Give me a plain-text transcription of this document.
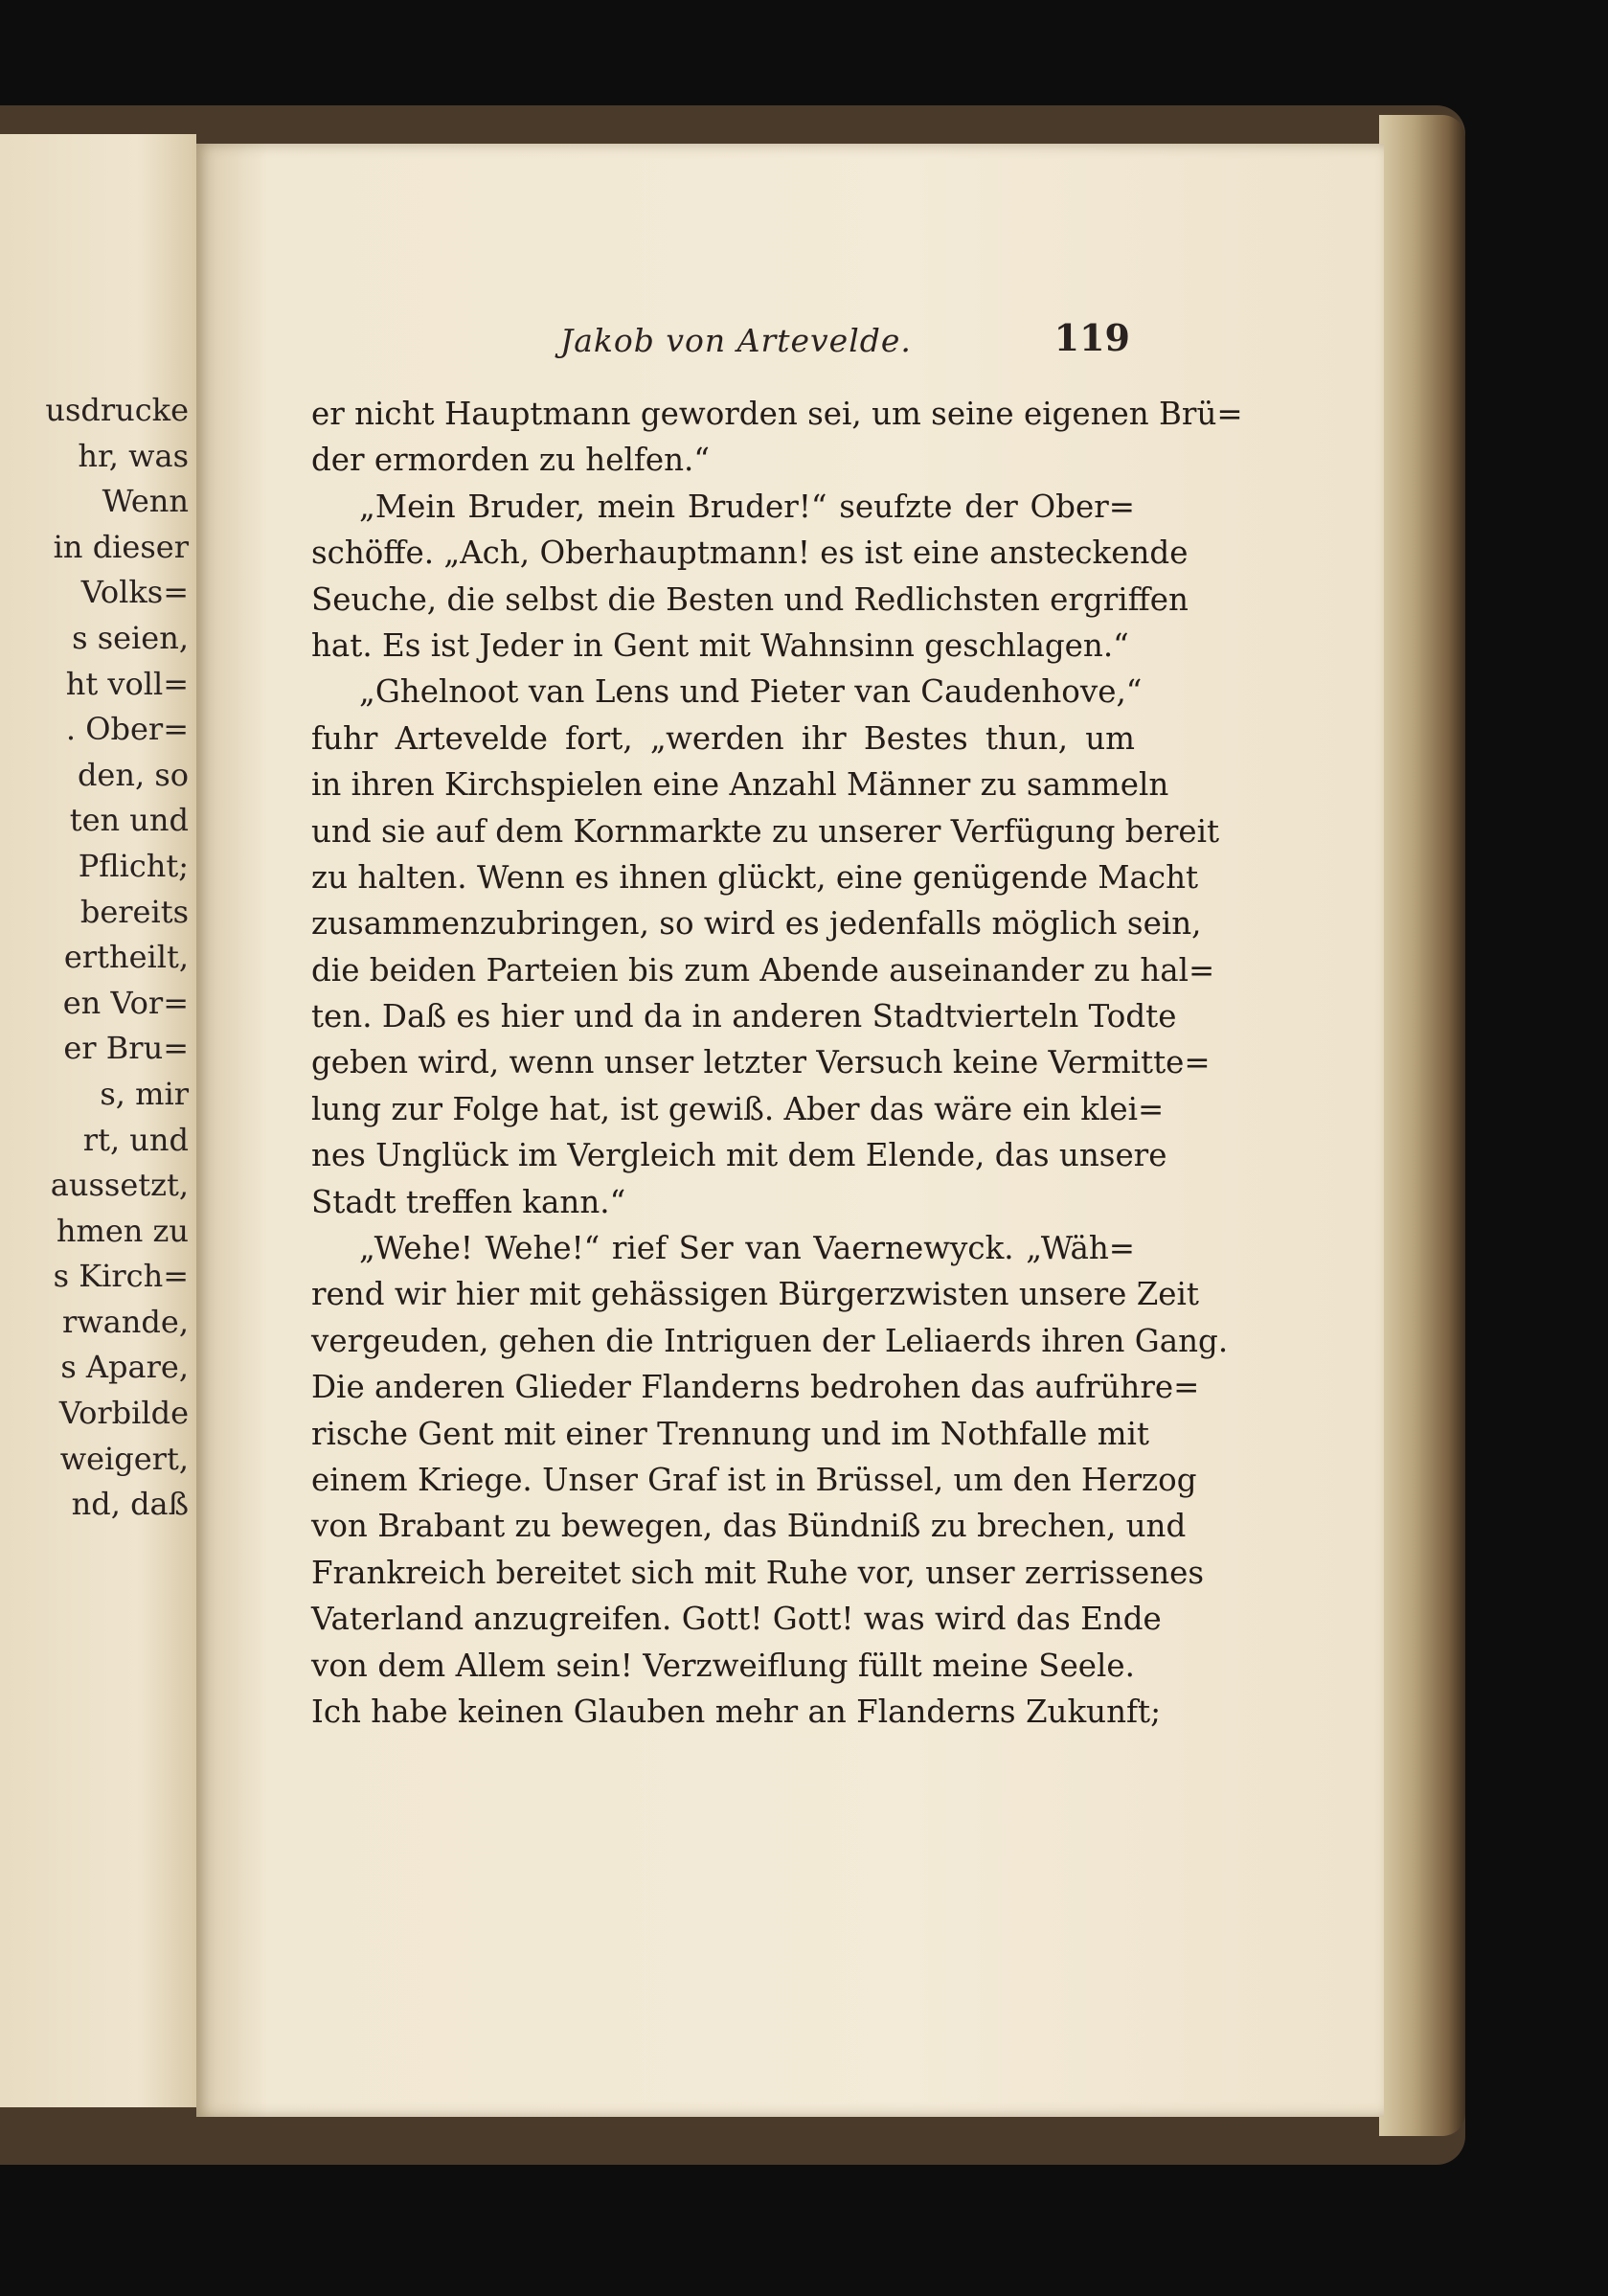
usdrucke
hr, was
Wenn
in dieser
Volks=
s seien,
ht voll=
. Ober=
den, so
ten und
Pflicht;
bereits
ertheilt,
en Vor=
er Bru=
s, mir
rt, und
aussetzt,
hmen zu
s Kirch=
rwande,
s Apare,
Vorbilde
weigert,
nd, daß
Jakob von Artevelde.	119
er nicht Hauptmann geworden sei, um seine eigenen Brü=
der ermorden zu helfen.“
„Mein Bruder, mein Bruder!“ seufzte der Ober=
schöffe. „Ach, Oberhauptmann! es ist eine ansteckende
Seuche, die selbst die Besten und Redlichsten ergriffen
hat. Es ist Jeder in Gent mit Wahnsinn geschlagen.“
„Ghelnoot van Lens und Pieter van Caudenhove,“
fuhr Artevelde fort, „werden ihr Bestes thun, um
in ihren Kirchspielen eine Anzahl Männer zu sammeln
und sie auf dem Kornmarkte zu unserer Verfügung bereit
zu halten. Wenn es ihnen glückt, eine genügende Macht
zusammenzubringen, so wird es jedenfalls möglich sein,
die beiden Parteien bis zum Abende auseinander zu hal=
ten. Daß es hier und da in anderen Stadtvierteln Todte
geben wird, wenn unser letzter Versuch keine Vermitte=
lung zur Folge hat, ist gewiß. Aber das wäre ein klei=
nes Unglück im Vergleich mit dem Elende, das unsere
Stadt treffen kann.“
„Wehe! Wehe!“ rief Ser van Vaernewyck. „Wäh=
rend wir hier mit gehässigen Bürgerzwisten unsere Zeit
vergeuden, gehen die Intriguen der Leliaerds ihren Gang.
Die anderen Glieder Flanderns bedrohen das aufrühre=
rische Gent mit einer Trennung und im Nothfalle mit
einem Kriege. Unser Graf ist in Brüssel, um den Herzog
von Brabant zu bewegen, das Bündniß zu brechen, und
Frankreich bereitet sich mit Ruhe vor, unser zerrissenes
Vaterland anzugreifen. Gott! Gott! was wird das Ende
von dem Allem sein! Verzweiflung füllt meine Seele.
Ich habe keinen Glauben mehr an Flanderns Zukunft;
